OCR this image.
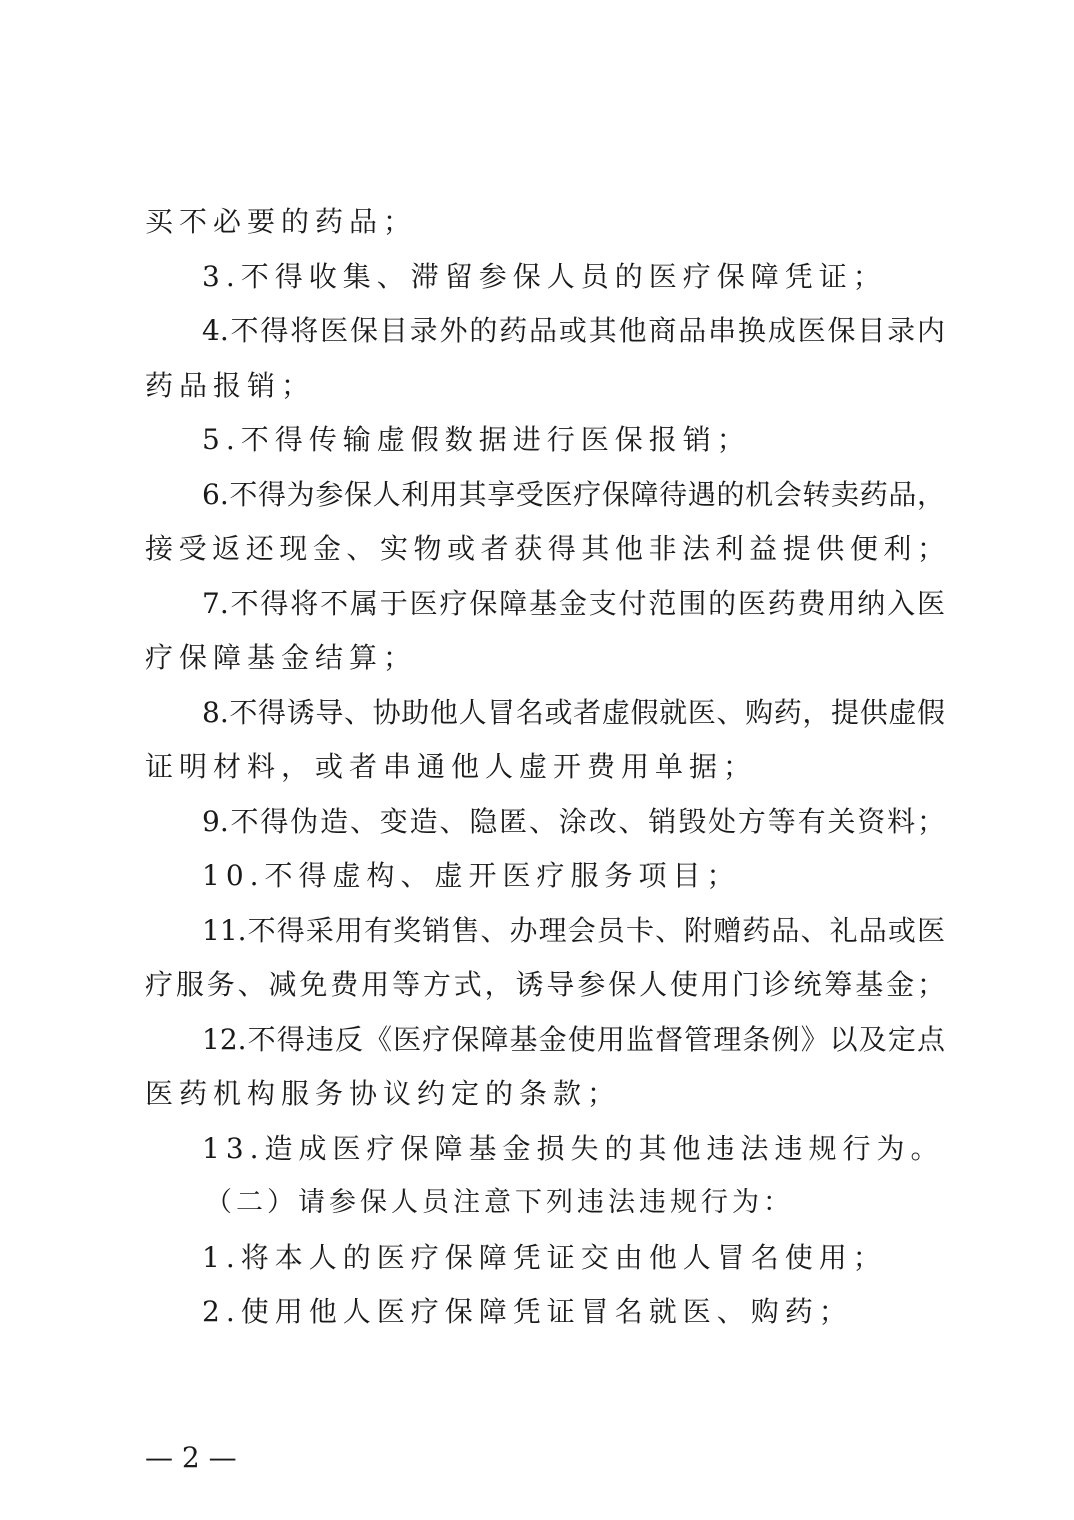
买不必要的药品；
3.不得收集、滞留参保人员的医疗保障凭证；
4.不得将医保目录外的药品或其他商品串换成医保目录内
药品报销；
5.不得传输虚假数据进行医保报销；
6.不得为参保人利用其享受医疗保障待遇的机会转卖药品，
接受返还现金、实物或者获得其他非法利益提供便利；
7.不得将不属于医疗保障基金支付范围的医药费用纳入医
疗保障基金结算；
8.不得诱导、协助他人冒名或者虚假就医、购药，提供虚假
证明材料，或者串通他人虚开费用单据；
9.不得伪造、变造、隐匿、涂改、销毁处方等有关资料；
10.不得虚构、虚开医疗服务项目；
11.不得采用有奖销售、办理会员卡、附赠药品、礼品或医
疗服务、减免费用等方式，诱导参保人使用门诊统筹基金；
12.不得违反《医疗保障基金使用监督管理条例》以及定点
医药机构服务协议约定的条款；
13.造成医疗保障基金损失的其他违法违规行为。
（二）请参保人员注意下列违法违规行为：
1.将本人的医疗保障凭证交由他人冒名使用；
2.使用他人医疗保障凭证冒名就医、购药；
— 2 —
